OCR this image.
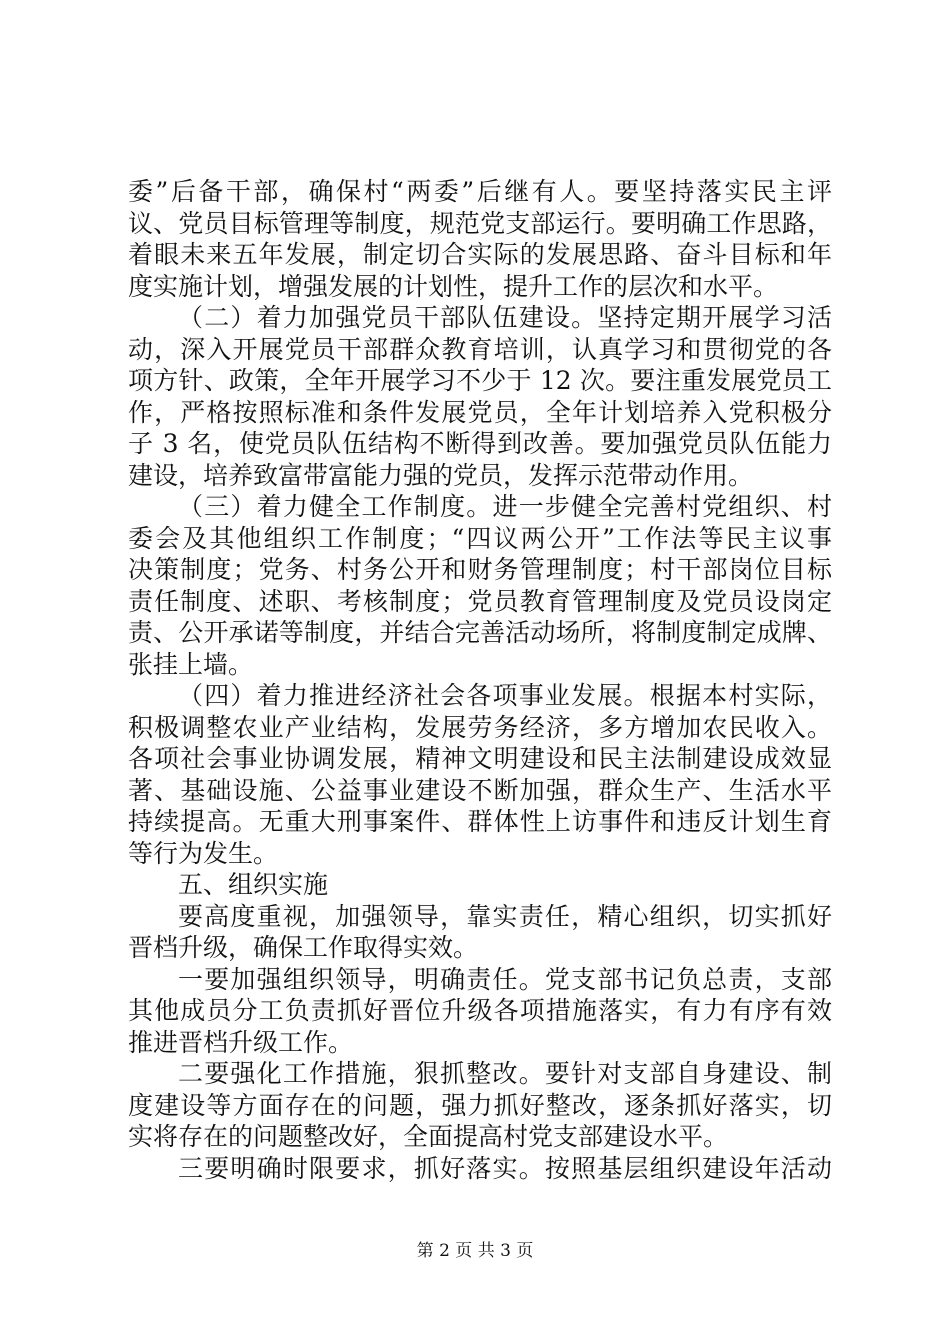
委”后备干部，确保村“两委”后继有人。要坚持落实民主评
议、党员目标管理等制度，规范党支部运行。要明确工作思路，
着眼未来五年发展，制定切合实际的发展思路、奋斗目标和年
度实施计划，增强发展的计划性，提升工作的层次和水平。
（二）着力加强党员干部队伍建设。坚持定期开展学习活
动，深入开展党员干部群众教育培训，认真学习和贯彻党的各
项方针、政策，全年开展学习不少于 12 次。要注重发展党员工
作，严格按照标准和条件发展党员，全年计划培养入党积极分
子 3 名，使党员队伍结构不断得到改善。要加强党员队伍能力
建设，培养致富带富能力强的党员，发挥示范带动作用。
（三）着力健全工作制度。进一步健全完善村党组织、村
委会及其他组织工作制度；“四议两公开”工作法等民主议事
决策制度；党务、村务公开和财务管理制度；村干部岗位目标
责任制度、述职、考核制度；党员教育管理制度及党员设岗定
责、公开承诺等制度，并结合完善活动场所，将制度制定成牌、
张挂上墙。
（四）着力推进经济社会各项事业发展。根据本村实际，
积极调整农业产业结构，发展劳务经济，多方增加农民收入。
各项社会事业协调发展，精神文明建设和民主法制建设成效显
著、基础设施、公益事业建设不断加强，群众生产、生活水平
持续提高。无重大刑事案件、群体性上访事件和违反计划生育
等行为发生。
五、组织实施
要高度重视，加强领导，靠实责任，精心组织，切实抓好
晋档升级，确保工作取得实效。
一要加强组织领导，明确责任。党支部书记负总责，支部
其他成员分工负责抓好晋位升级各项措施落实，有力有序有效
推进晋档升级工作。
二要强化工作措施，狠抓整改。要针对支部自身建设、制
度建设等方面存在的问题，强力抓好整改，逐条抓好落实，切
实将存在的问题整改好，全面提高村党支部建设水平。
三要明确时限要求，抓好落实。按照基层组织建设年活动
第 2 页 共 3 页
